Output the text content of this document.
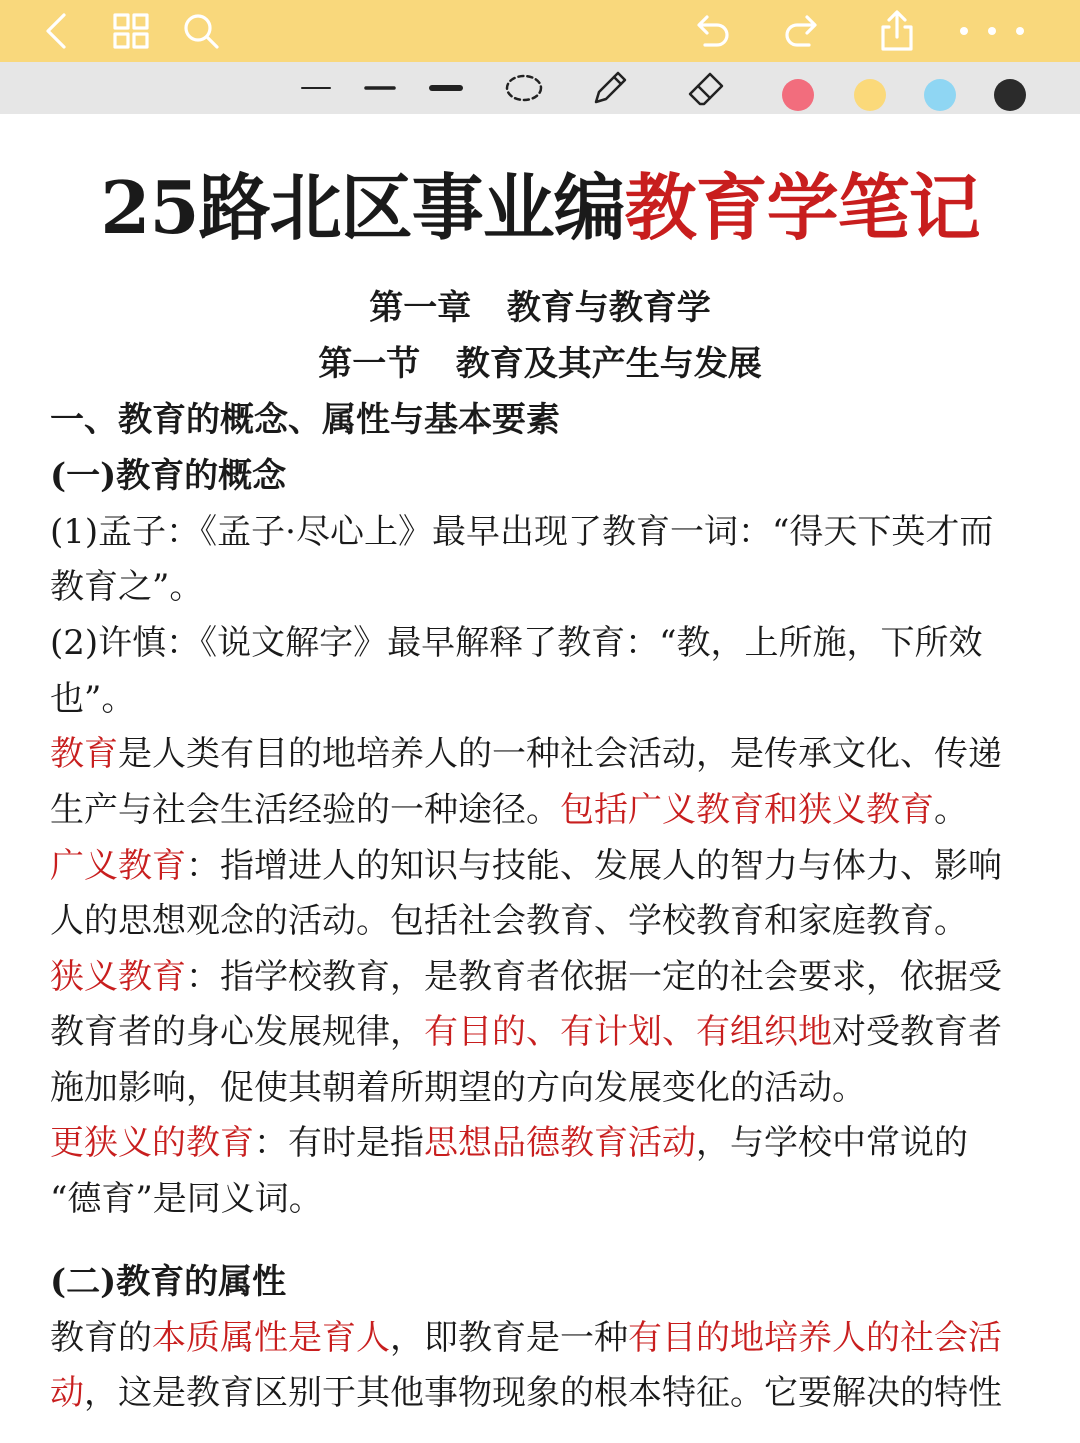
25路北区事业编教育学笔记
第一章   教育与教育学
第一节   教育及其产生与发展
一、教育的概念、属性与基本要素
(一)教育的概念
(1)孟子：《孟子·尽心上》最早出现了教育一词：“得天下英才而
教育之”。
(2)许慎：《说文解字》最早解释了教育：“教，上所施，下所效
也”。
教育是人类有目的地培养人的一种社会活动，是传承文化、传递
生产与社会生活经验的一种途径。包括广义教育和狭义教育。
广义教育：指增进人的知识与技能、发展人的智力与体力、影响
人的思想观念的活动。包括社会教育、学校教育和家庭教育。
狭义教育：指学校教育，是教育者依据一定的社会要求，依据受
教育者的身心发展规律，有目的、有计划、有组织地对受教育者
施加影响，促使其朝着所期望的方向发展变化的活动。
更狭义的教育：有时是指思想品德教育活动，与学校中常说的
“德育”是同义词。
(二)教育的属性
教育的本质属性是育人，即教育是一种有目的地培养人的社会活
动，这是教育区别于其他事物现象的根本特征。它要解决的特性
